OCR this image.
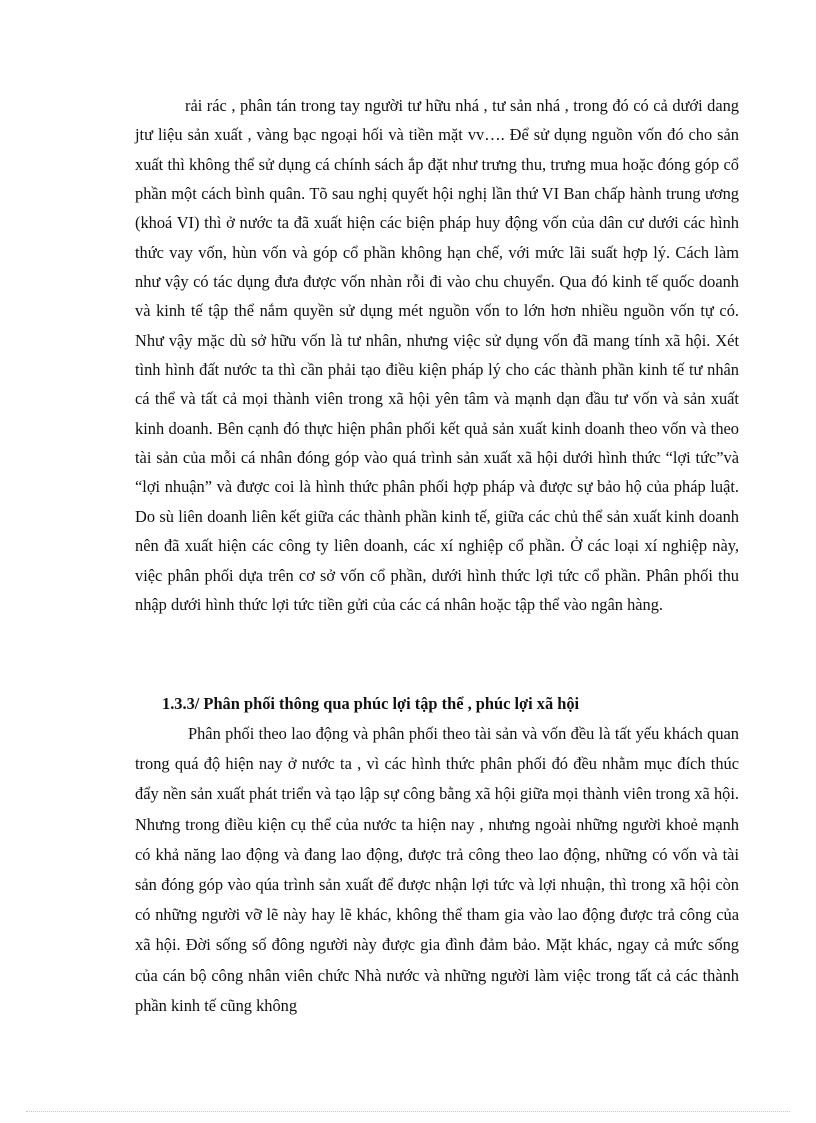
rải rác , phân tán trong tay người tư hữu nhá , tư sản nhá , trong đó có cả dưới dang jtư liệu sản xuất , vàng bạc ngoại hối và tiền mặt vv…. Để sử dụng nguồn vốn đó cho sản xuất thì không thể sử dụng cá chính sách ắp đặt như trưng thu, trưng mua hoặc đóng góp cổ phần một cách bình quân. Tõ sau nghị quyết hội nghị lần thứ VI Ban chấp hành trung ương (khoá VI) thì ở nước ta đã xuất hiện các biện pháp huy động vốn của dân cư dưới các hình thức vay vốn, hùn vốn và góp cổ phần không hạn chế, với mức lãi suất hợp lý. Cách làm như vậy có tác dụng đưa được vốn nhàn rỗi đi vào chu chuyển. Qua đó kinh tế quốc doanh và kinh tế tập thể nắm quyền sử dụng mét nguồn vốn to lớn hơn nhiều nguồn vốn tự có. Như vậy mặc dù sở hữu vốn là tư nhân, nhưng việc sử dụng vốn đã mang tính xã hội. Xét tình hình đất nước ta thì cần phải tạo điều kiện pháp lý cho các thành phần kinh tế tư nhân cá thể và tất cả mọi thành viên trong xã hội yên tâm và mạnh dạn đầu tư vốn và sản xuất kinh doanh. Bên cạnh đó thực hiện phân phối kết quả sản xuất kinh doanh theo vốn và theo tài sản của mỗi cá nhân đóng góp vào quá trình sản xuất xã hội dưới hình thức “lợi tức”và “lợi nhuận” và được coi là hình thức phân phối hợp pháp và được sự bảo hộ của pháp luật. Do sù liên doanh liên kết giữa các thành phần kinh tế, giữa các chủ thể sản xuất kinh doanh nên đã xuất hiện các công ty liên doanh, các xí nghiệp cổ phần. Ở các loại xí nghiệp này, việc phân phối dựa trên cơ sở vốn cổ phần, dưới hình thức lợi tức cổ phần. Phân phối thu nhập dưới hình thức lợi tức tiền gửi của các cá nhân hoặc tập thể vào ngân hàng.

1.3.3/ Phân phối thông qua phúc lợi tập thể , phúc lợi xã hội

Phân phối theo lao động và phân phối theo tài sản và vốn đều là tất yếu khách quan trong quá độ hiện nay ở nước ta , vì các hình thức phân phối đó đều nhằm mục đích thúc đẩy nền sản xuất phát triển và tạo lập sự công bằng xã hội giữa mọi thành viên trong xã hội. Nhưng trong điều kiện cụ thể của nước ta hiện nay , nhưng ngoài những người khoẻ mạnh có khả năng lao động và đang lao động, được trả công theo lao động, những có vốn và tài sản đóng góp vào qúa trình sản xuất để được nhận lợi tức và lợi nhuận, thì trong xã hội còn có những người vỡ lẽ này hay lẽ khác, không thể tham gia vào lao động được trả công của xã hội. Đời sống số đông người này được gia đình đảm bảo. Mặt khác, ngay cả mức sống của cán bộ công nhân viên chức Nhà nước và những người làm việc trong tất cả các thành phần kinh tế cũng không
